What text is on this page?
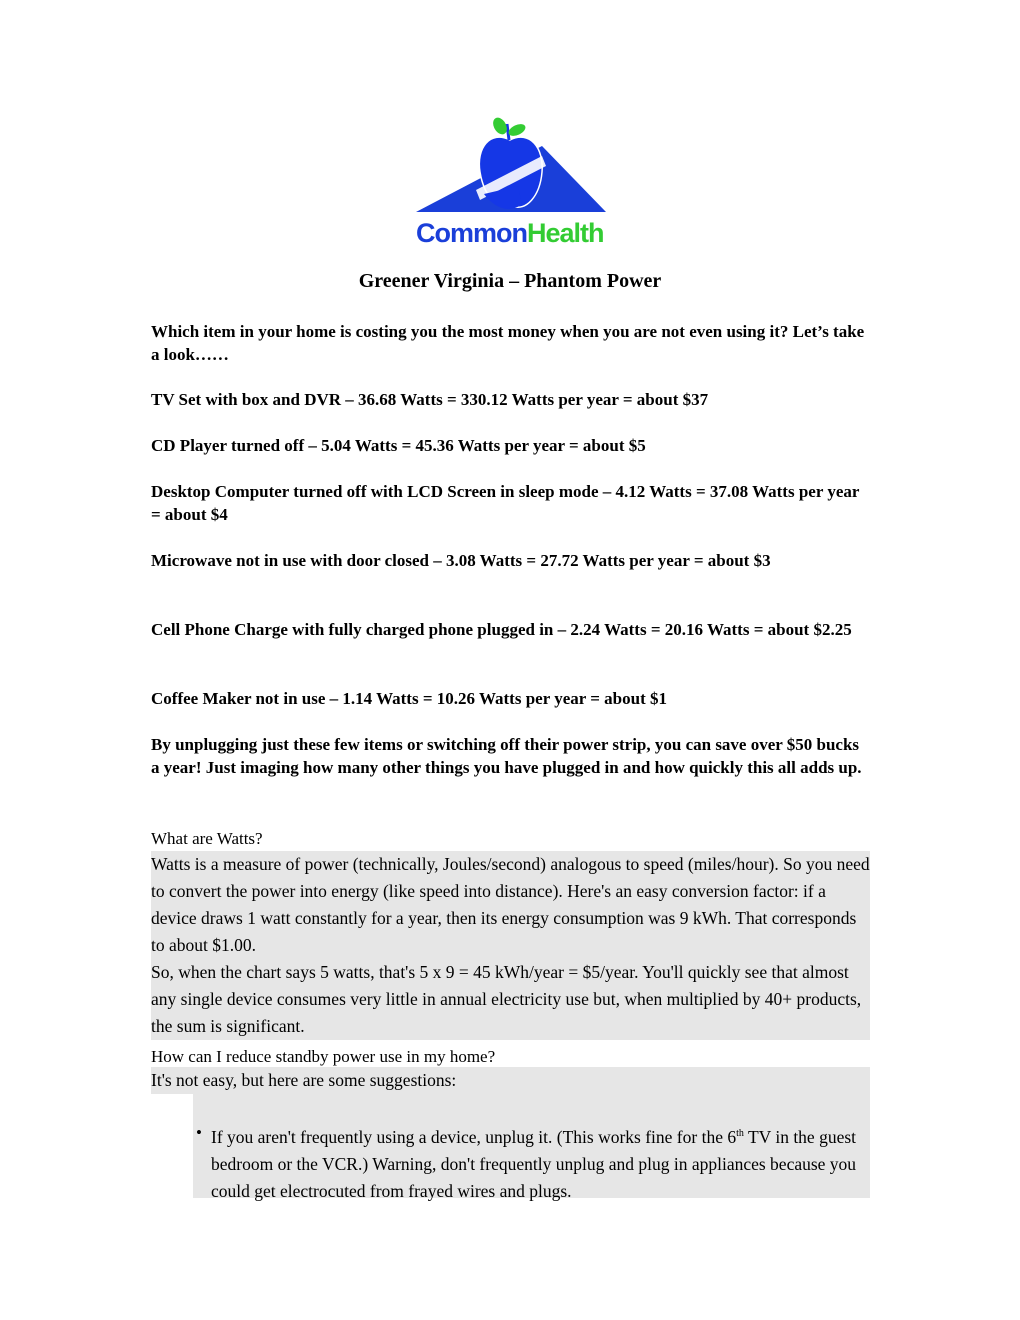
CommonHealth
Greener Virginia – Phantom Power

Which item in your home is costing you the most money when you are not even using it? Let’s take a look……

TV Set with box and DVR – 36.68 Watts = 330.12 Watts per year = about $37

CD Player turned off – 5.04 Watts = 45.36 Watts per year = about $5

Desktop Computer turned off with LCD Screen in sleep mode – 4.12 Watts = 37.08 Watts per year = about $4

Microwave not in use with door closed – 3.08 Watts = 27.72 Watts per year = about $3

Cell Phone Charge with fully charged phone plugged in – 2.24 Watts = 20.16 Watts = about $2.25

Coffee Maker not in use – 1.14 Watts = 10.26 Watts per year = about $1

By unplugging just these few items or switching off their power strip, you can save over $50 bucks a year! Just imaging how many other things you have plugged in and how quickly this all adds up.

What are Watts?

Watts is a measure of power (technically, Joules/second) analogous to speed (miles/hour). So you need to convert the power into energy (like speed into distance). Here's an easy conversion factor: if a device draws 1 watt constantly for a year, then its energy consumption was 9 kWh. That corresponds to about $1.00.
So, when the chart says 5 watts, that's 5 x 9 = 45 kWh/year = $5/year. You'll quickly see that almost any single device consumes very little in annual electricity use but, when multiplied by 40+ products, the sum is significant.

How can I reduce standby power use in my home?

It's not easy, but here are some suggestions:
• If you aren't frequently using a device, unplug it. (This works fine for the 6th TV in the guest bedroom or the VCR.) Warning, don't frequently unplug and plug in appliances because you could get electrocuted from frayed wires and plugs.
